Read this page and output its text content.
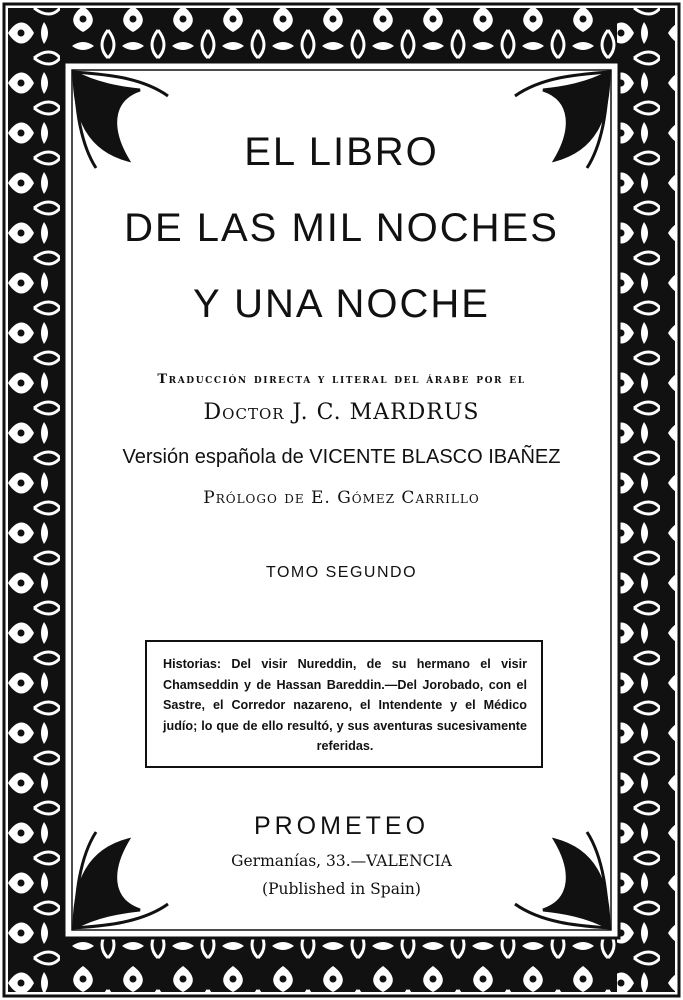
EL LIBRO
DE LAS MIL NOCHES
Y UNA NOCHE
Traducción directa y literal del árabe por el
Doctor J. C. MARDRUS
Versión española de VICENTE BLASCO IBAÑEZ
Prólogo de E. Gómez Carrillo
TOMO SEGUNDO
Historias: Del visir Nureddin, de su hermano el visir Chamseddin y de Hassan Bareddin.—Del Jorobado, con el Sastre, el Corredor nazareno, el Intendente y el Médico judío; lo que de ello resultó, y sus aventuras sucesivamente referidas.
PROMETEO
Germanías, 33.—VALENCIA
(Published in Spain)
